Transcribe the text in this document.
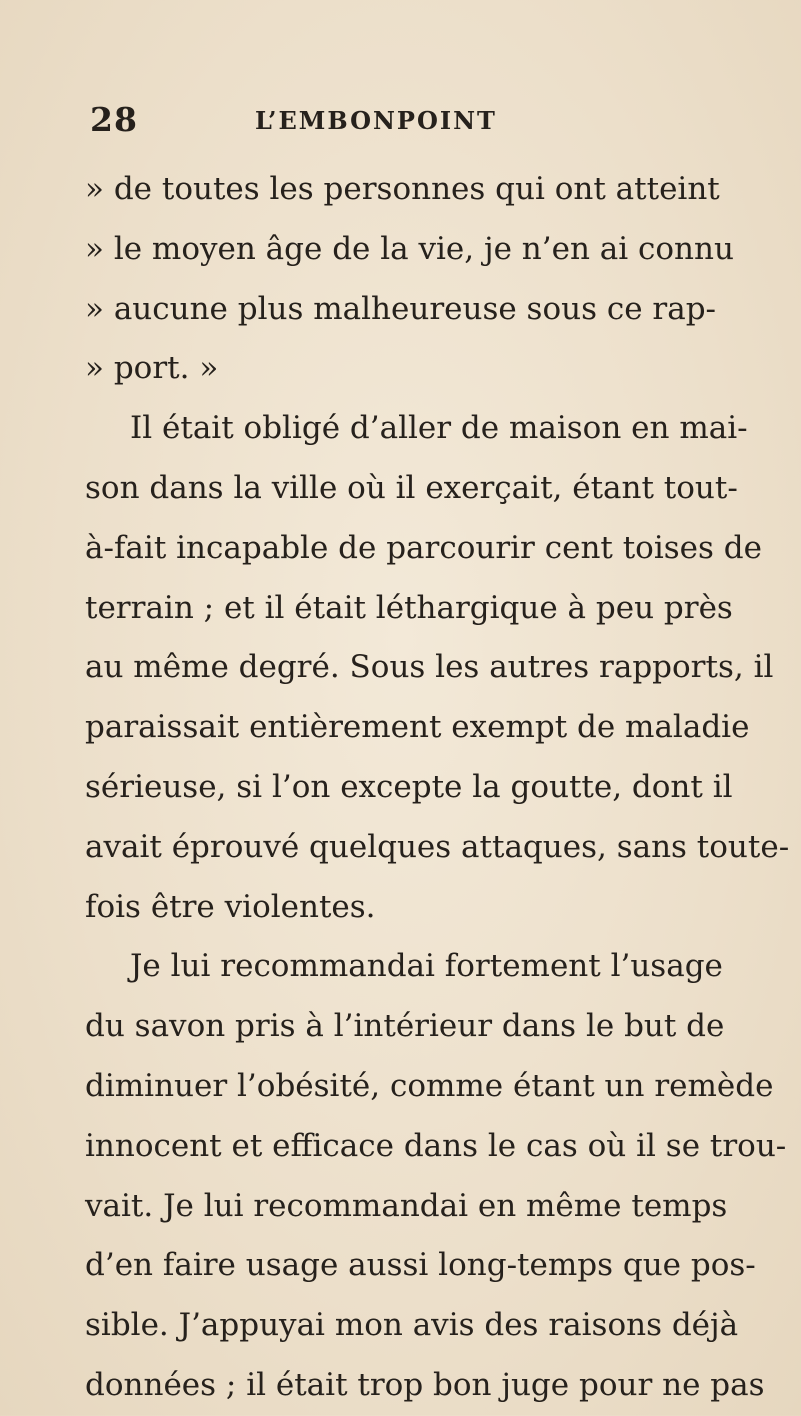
28	L’EMBONPOINT
» de toutes les personnes qui ont atteint
» le moyen âge de la vie, je n’en ai connu
» aucune plus malheureuse sous ce rap-
» port. »
Il était obligé d’aller de maison en mai-
son dans la ville où il exerçait, étant tout-
à-fait incapable de parcourir cent toises de
terrain ; et il était léthargique à peu près
au même degré. Sous les autres rapports, il
paraissait entièrement exempt de maladie
sérieuse, si l’on excepte la goutte, dont il
avait éprouvé quelques attaques, sans toute-
fois être violentes.
Je lui recommandai fortement l’usage
du savon pris à l’intérieur dans le but de
diminuer l’obésité, comme étant un remède
innocent et efficace dans le cas où il se trou-
vait. Je lui recommandai en même temps
d’en faire usage aussi long-temps que pos-
sible. J’appuyai mon avis des raisons déjà
données ; il était trop bon juge pour ne pas
